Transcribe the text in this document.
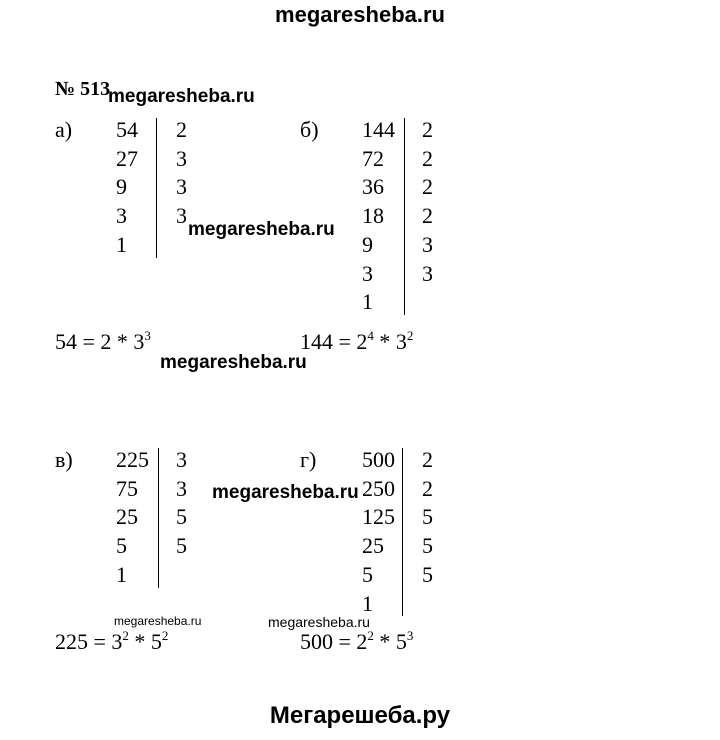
megaresheba.ru
№ 513
а)	б)
в)	г)
54 2
27 3
9 3
3 3
1
144 2
72 2
36 2
18 2
9 3
3 3
1
225 3
75 3
25 5
5 5
1
500 2
250 2
125 5
25 5
5 5
1
$54 = 2 * 3^3$	$144 = 2^4 * 3^2$
$225 = 3^2 * 5^2$	$500 = 2^2 * 5^3$
megaresheba.ru
megaresheba.ru
megaresheba.ru
megaresheba.ru
megaresheba.ru	megaresheba.ru
Мегарешеба.ру
